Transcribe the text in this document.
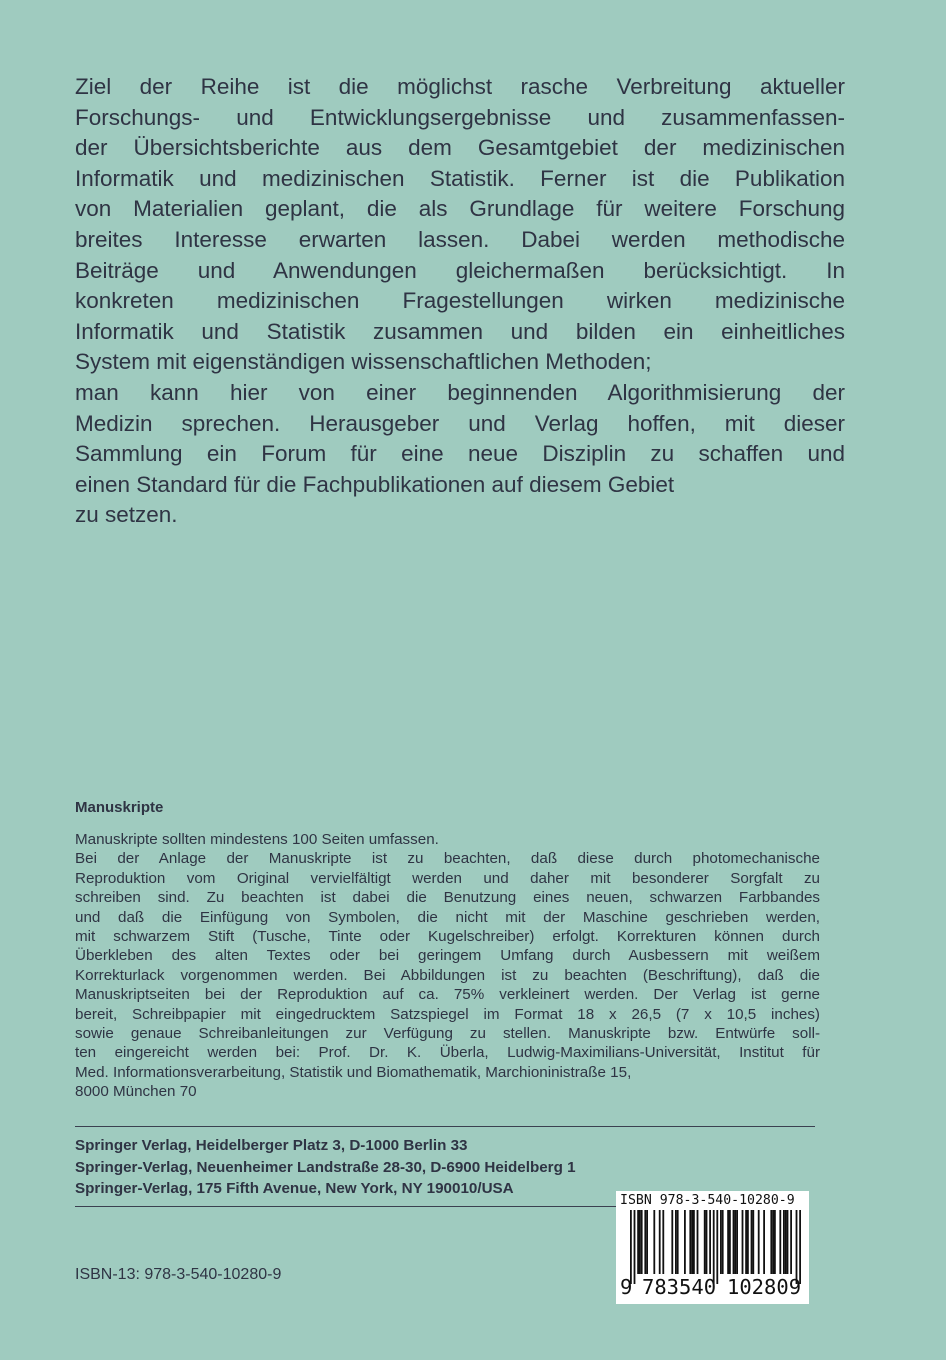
Ziel der Reihe ist die möglichst rasche Verbreitung aktueller
Forschungs- und Entwicklungsergebnisse und zusammenfassen-
der Übersichtsberichte aus dem Gesamtgebiet der medizinischen
Informatik und medizinischen Statistik. Ferner ist die Publikation
von Materialien geplant, die als Grundlage für weitere Forschung
breites Interesse erwarten lassen. Dabei werden methodische
Beiträge und Anwendungen gleichermaßen berücksichtigt. In
konkreten medizinischen Fragestellungen wirken medizinische
Informatik und Statistik zusammen und bilden ein einheitliches
System mit eigenständigen wissenschaftlichen Methoden;
man kann hier von einer beginnenden Algorithmisierung der
Medizin sprechen. Herausgeber und Verlag hoffen, mit dieser
Sammlung ein Forum für eine neue Disziplin zu schaffen und
einen Standard für die Fachpublikationen auf diesem Gebiet
zu setzen.
Manuskripte
Manuskripte sollten mindestens 100 Seiten umfassen.
Bei der Anlage der Manuskripte ist zu beachten, daß diese durch photomechanische
Reproduktion vom Original vervielfältigt werden und daher mit besonderer Sorgfalt zu
schreiben sind. Zu beachten ist dabei die Benutzung eines neuen, schwarzen Farbbandes
und daß die Einfügung von Symbolen, die nicht mit der Maschine geschrieben werden,
mit schwarzem Stift (Tusche, Tinte oder Kugelschreiber) erfolgt. Korrekturen können durch
Überkleben des alten Textes oder bei geringem Umfang durch Ausbessern mit weißem
Korrekturlack vorgenommen werden. Bei Abbildungen ist zu beachten (Beschriftung), daß die
Manuskriptseiten bei der Reproduktion auf ca. 75% verkleinert werden. Der Verlag ist gerne
bereit, Schreibpapier mit eingedrucktem Satzspiegel im Format 18 x 26,5 (7 x 10,5 inches)
sowie genaue Schreibanleitungen zur Verfügung zu stellen. Manuskripte bzw. Entwürfe soll-
ten eingereicht werden bei: Prof. Dr. K. Überla, Ludwig-Maximilians-Universität, Institut für
Med. Informationsverarbeitung, Statistik und Biomathematik, Marchioninistraße 15,
8000 München 70
Springer Verlag, Heidelberger Platz 3, D-1000 Berlin 33
Springer-Verlag, Neuenheimer Landstraße 28-30, D-6900 Heidelberg 1
Springer-Verlag, 175 Fifth Avenue, New York, NY 190010/USA
ISBN-13: 978-3-540-10280-9
ISBN 978-3-540-10280-9
9 783540 102809
